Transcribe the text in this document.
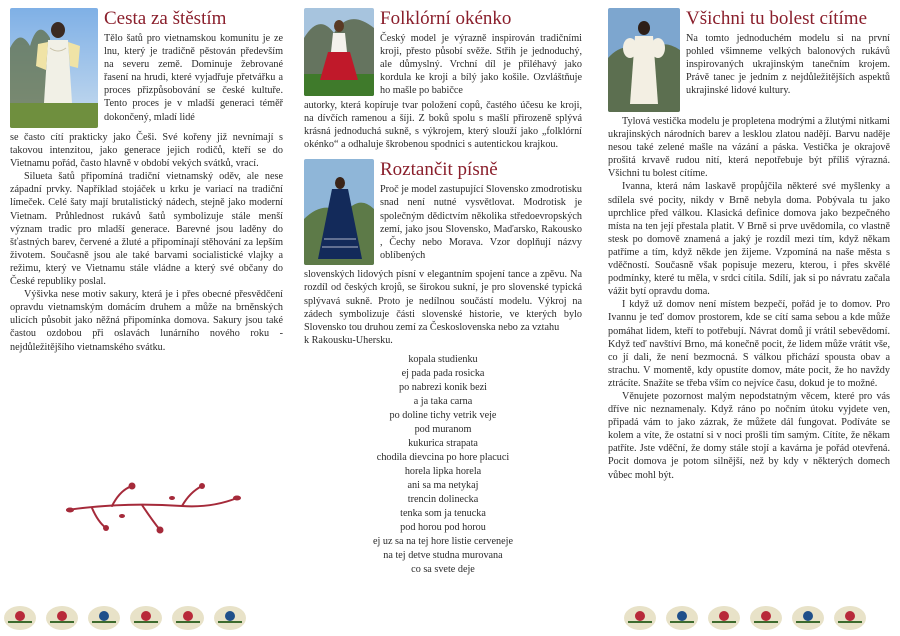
Cesta za štěstím

Tělo šatů pro vietnamskou komunitu je ze lnu, který je tradičně pěstován především na severu země. Dominuje žebrované řasení na hrudi, které vyjadřuje přetvářku a proces přizpůsobování se české kultuře. Tento proces je v mladší generaci téměř dokončený, mladí lidé

se často cítí prakticky jako Češi. Své kořeny již nevnímají s takovou intenzitou, jako generace jejich rodičů, kteří se do Vietnamu pořád, často hlavně v období vekých svátků, vrací.

Silueta šatů připomíná tradiční vietnamský oděv, ale nese západní prvky. Například stojáček u krku je variací na tradiční límeček. Celé šaty mají brutalistický nádech, stejně jako moderní Vietnam. Průhlednost rukávů šatů symbolizuje stále menší význam tradic pro mladší generace. Barevné jsou laděny do šťastných barev, červené a žluté a připomínají stěhování za lepším životem. Současně jsou ale také barvami socialistické vlajky a režimu, který ve Vietnamu stále vládne a který své občany do České republiky poslal.

Výšivka nese motiv sakury, která je i přes obecné přesvědčení opravdu vietnamským domácím druhem a může na brněnských ulicích působit jako něžná připomínka domova. Sakury jsou také častou ozdobou při oslavách lunárního nového roku - nejdůležitějšího vietnamského svátku.

Folklórní okénko

Český model je výrazně inspirován tradičními kroji, přesto působí svěže. Střih je jednoduchý, ale důmyslný. Vrchní díl je přiléhavý jako kordula ke kroji a bílý jako košile. Ozvláštňuje ho mašle po babičce

autorky, která kopíruje tvar položení copů, častého účesu ke kroji, na dívčích ramenou a šíji. Z boků spolu s mašlí přirozeně splývá krásná jednoduchá sukně, s výkrojem, který slouží jako „folklórní okénko“ a odhaluje škrobenou spodnici s autentickou krajkou.

Roztančit písně

Proč je model zastupující Slovensko zmodrotisku snad není nutné vysvětlovat. Modrotisk je společným dědictvím několika středoevropských zemí, jako jsou Slovensko, Maďarsko, Rakousko , Čechy nebo Morava. Vzor doplňují názvy oblíbených

slovenských lidových písní v elegantním spojení tance a zpěvu. Na rozdíl od českých krojů, se širokou sukní, je pro slovenské typická splývavá sukně. Proto je nedílnou součástí modelu. Výkroj na zádech symbolizuje části slovenské historie, ve kterých bylo Slovensko tou druhou zemí za Československa nebo za vztahu

k Rakousku-Uhersku.

kopala studienku
ej pada pada rosicka
po nabrezi konik bezi
a ja taka carna
po doline tichy vetrik veje
pod muranom
kukurica strapata
chodila dievcina po hore placuci
horela lipka horela
ani sa ma netykaj
trencin dolinecka
tenka som ja tenucka
pod horou pod horou
ej uz sa na tej hore listie cerveneje
na tej detve studna murovana
co sa svete deje
Všichni tu bolest cítíme

Na tomto jednoduchém modelu si na první pohled všimneme velkých balonových rukávů inspirovaných ukrajinským tanečním krojem. Právě tanec je jedním z nejdůležitějších aspektů ukrajinské lidové kultury.

Tylová vestička modelu je propletena modrými a žlutými nitkami ukrajinských národních barev a lesklou zlatou nadějí. Barvu naděje nesou také zelené mašle na vázání a páska. Vestička je okrajově prošitá krvavě rudou nití, která nepotřebuje být příliš výrazná. Všichni tu bolest cítíme.

Ivanna, která nám laskavě propůjčila některé své myšlenky a sdílela své pocity, nikdy v Brně nebyla doma. Pobývala tu jako uprchlice před válkou. Klasická definice domova jako bezpečného místa na ten její přestala platit. V Brně si prve uvědomila, co vlastně stesk po domově znamená a jaký je rozdíl mezi tím, když někam patříme a tím, když někde jen žijeme. Vzpomíná na naše města s vděčností. Současně však popisuje mezeru, kterou, i přes skvělé podmínky, které tu měla, v srdci cítila. Sdílí, jak si po návratu začala vážit bytí opravdu doma.

I když už domov není místem bezpečí, pořád je to domov. Pro Ivannu je teď domov prostorem, kde se cítí sama sebou a kde může pomáhat lidem, kteří to potřebují. Návrat domů jí vrátil sebevědomí. Když teď navštíví Brno, má konečně pocit, že lidem může vrátit vše, co jí dali, že není bezmocná. S válkou přichází spousta obav a strachu. V momentě, kdy opustíte domov, máte pocit, že ho navždy ztrácíte. Snažíte se třeba vším co nejvíce času, dokud je to možné.

Věnujete pozornost malým nepodstatným věcem, které pro vás dříve nic neznamenaly. Když ráno po nočním útoku vyjdete ven, připadá vám to jako zázrak, že můžete dál fungovat. Podíváte se kolem a víte, že ostatní si v noci prošli tím samým. Cítíte, že někam patříte. Jste vděční, že domy stále stojí a kavárna je pořád otevřená. Pocit domova je potom silnější, než by kdy v některých domech vůbec mohl být.
